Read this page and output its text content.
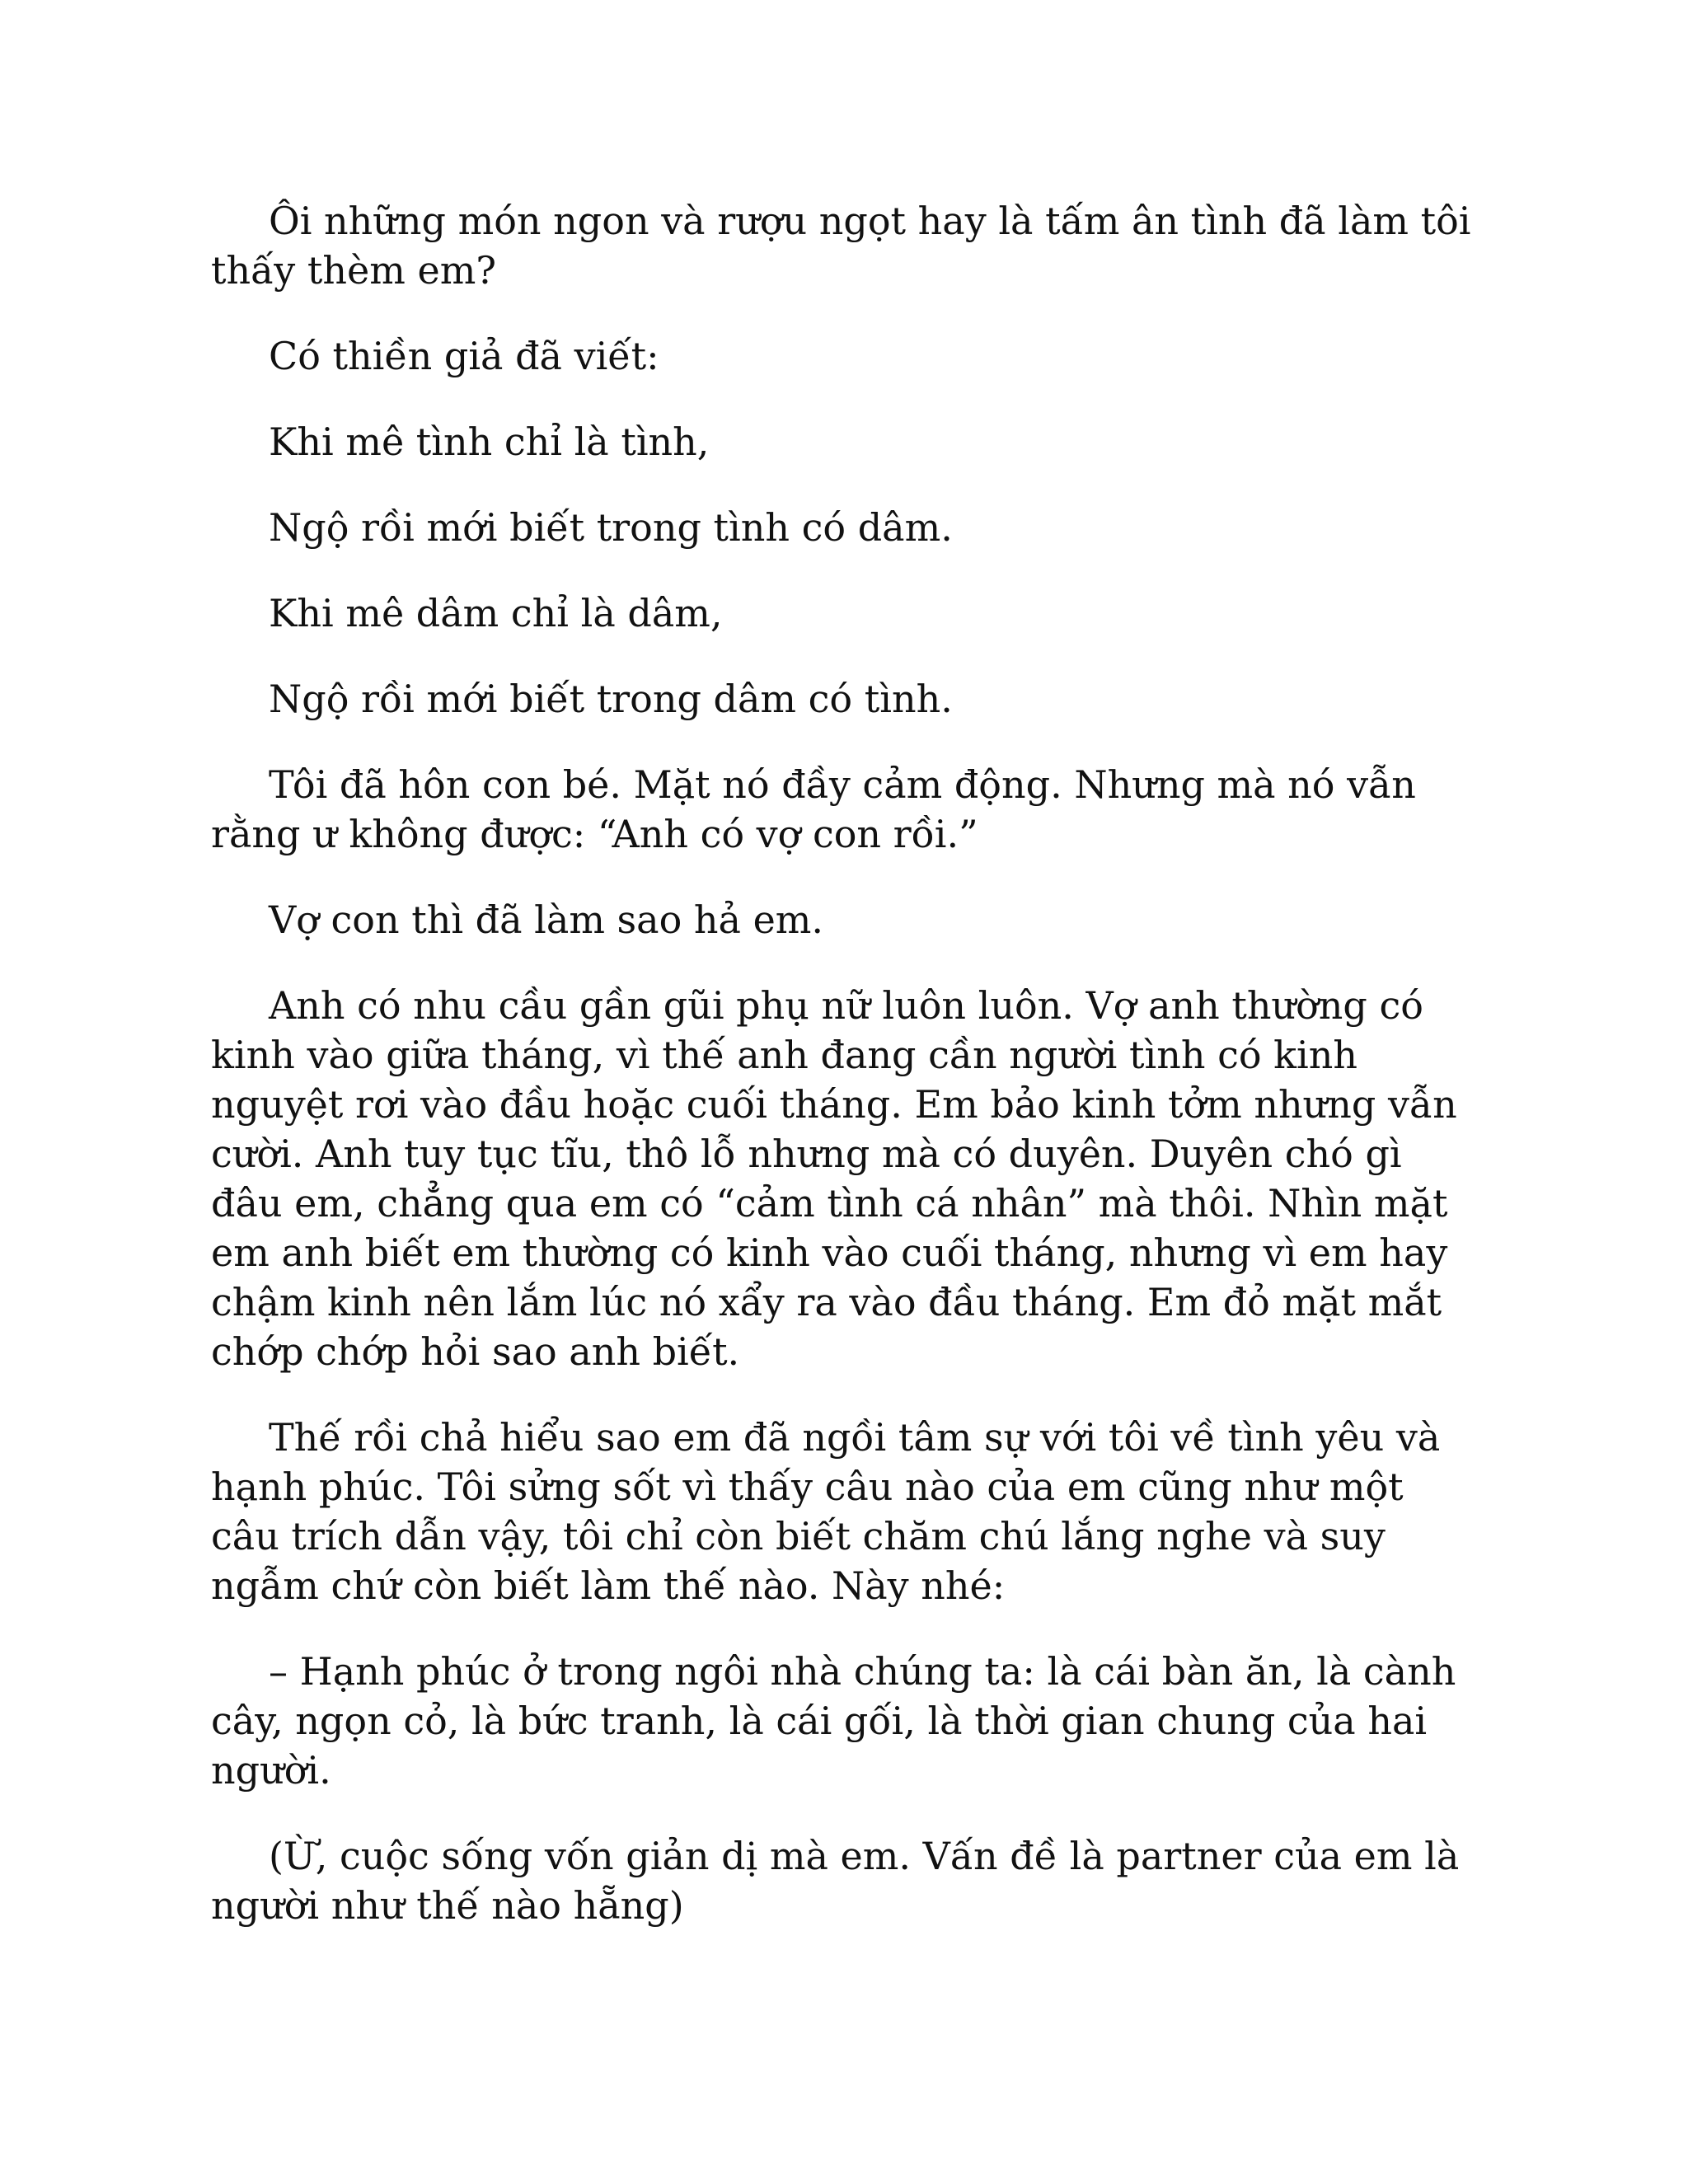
Ôi những món ngon và rượu ngọt hay là tấm ân tình đã làm tôi thấy thèm em?

Có thiền giả đã viết:

Khi mê tình chỉ là tình,

Ngộ rồi mới biết trong tình có dâm.

Khi mê dâm chỉ là dâm,

Ngộ rồi mới biết trong dâm có tình.

Tôi đã hôn con bé. Mặt nó đầy cảm động. Nhưng mà nó vẫn rằng ư không được: “Anh có vợ con rồi.”

Vợ con thì đã làm sao hả em.

Anh có nhu cầu gần gũi phụ nữ luôn luôn. Vợ anh thường có kinh vào giữa tháng, vì thế anh đang cần người tình có kinh nguyệt rơi vào đầu hoặc cuối tháng. Em bảo kinh tởm nhưng vẫn cười. Anh tuy tục tĩu, thô lỗ nhưng mà có duyên. Duyên chó gì đâu em, chẳng qua em có “cảm tình cá nhân” mà thôi. Nhìn mặt em anh biết em thường có kinh vào cuối tháng, nhưng vì em hay chậm kinh nên lắm lúc nó xẩy ra vào đầu tháng. Em đỏ mặt mắt chớp chớp hỏi sao anh biết.

Thế rồi chả hiểu sao em đã ngồi tâm sự với tôi về tình yêu và hạnh phúc. Tôi sửng sốt vì thấy câu nào của em cũng như một câu trích dẫn vậy, tôi chỉ còn biết chăm chú lắng nghe và suy ngẫm chứ còn biết làm thế nào. Này nhé:

– Hạnh phúc ở trong ngôi nhà chúng ta: là cái bàn ăn, là cành cây, ngọn cỏ, là bức tranh, là cái gối, là thời gian chung của hai người.

(Ừ, cuộc sống vốn giản dị mà em. Vấn đề là partner của em là người như thế nào hẵng)
